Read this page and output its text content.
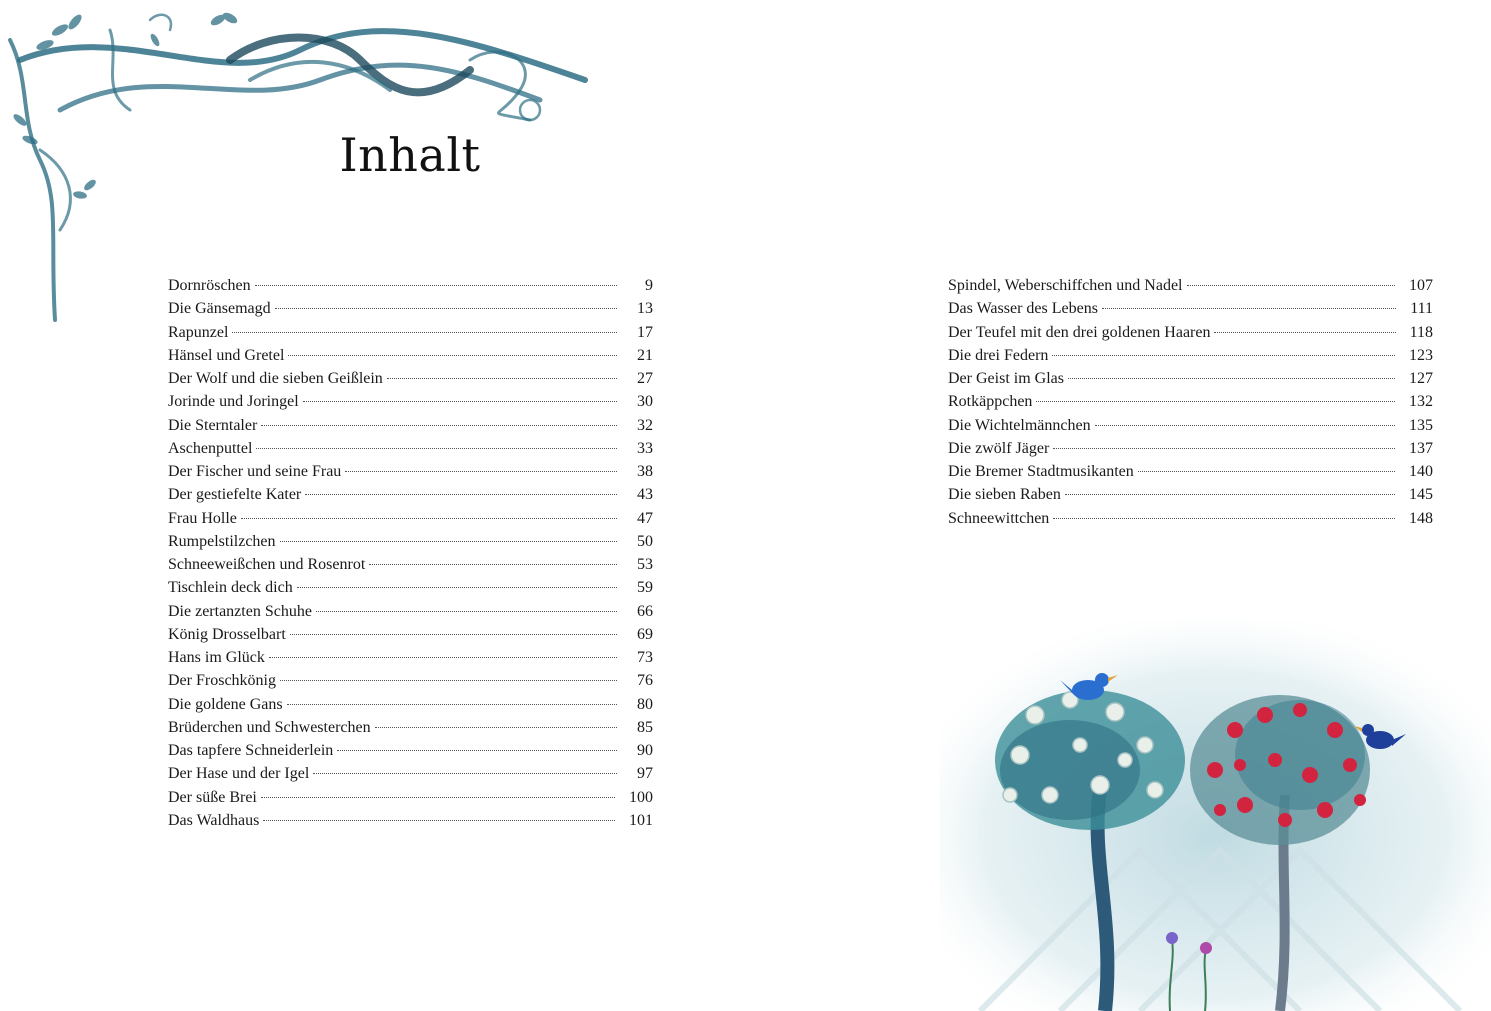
Inhalt
Dornröschen	9
Die Gänsemagd	13
Rapunzel	17
Hänsel und Gretel	21
Der Wolf und die sieben Geißlein	27
Jorinde und Joringel	30
Die Sterntaler	32
Aschenputtel	33
Der Fischer und seine Frau	38
Der gestiefelte Kater	43
Frau Holle	47
Rumpelstilzchen	50
Schneeweißchen und Rosenrot	53
Tischlein deck dich	59
Die zertanzten Schuhe	66
König Drosselbart	69
Hans im Glück	73
Der Froschkönig	76
Die goldene Gans	80
Brüderchen und Schwesterchen	85
Das tapfere Schneiderlein	90
Der Hase und der Igel	97
Der süße Brei	100
Das Waldhaus	101
Spindel, Weberschiffchen und Nadel	107
Das Wasser des Lebens	111
Der Teufel mit den drei goldenen Haaren	118
Die drei Federn	123
Der Geist im Glas	127
Rotkäppchen	132
Die Wichtelmännchen	135
Die zwölf Jäger	137
Die Bremer Stadtmusikanten	140
Die sieben Raben	145
Schneewittchen	148
